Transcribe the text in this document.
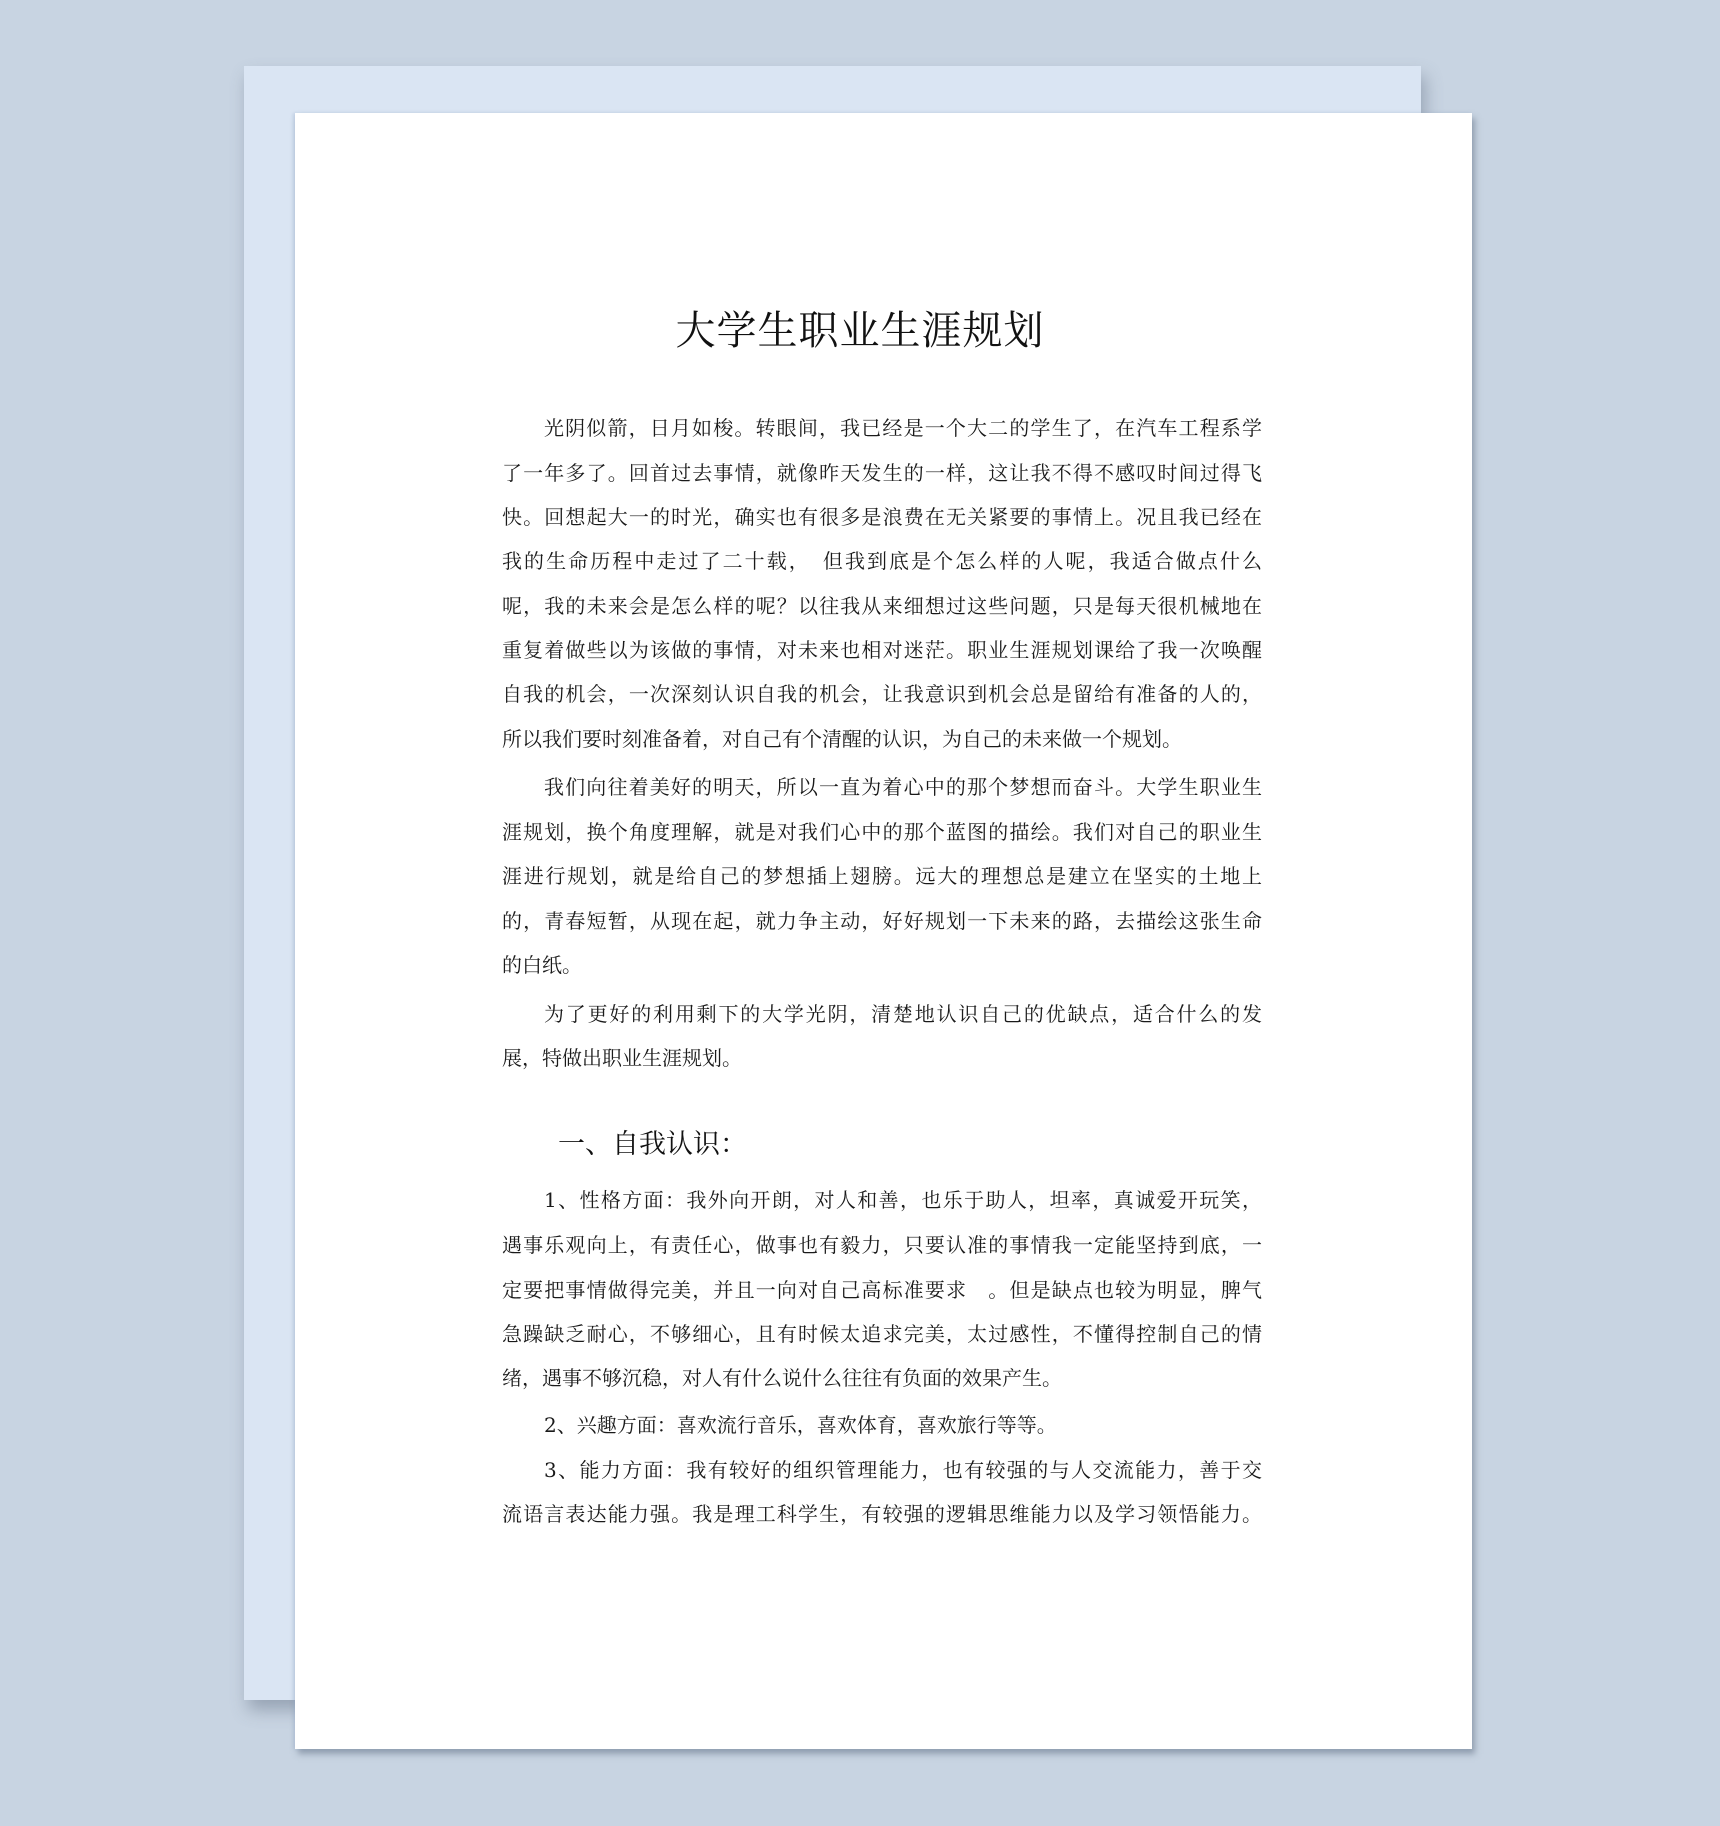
大学生职业生涯规划
光阴似箭，日月如梭。转眼间，我已经是一个大二的学生了，在汽车工程系学
了一年多了。回首过去事情，就像昨天发生的一样，这让我不得不感叹时间过得飞
快。回想起大一的时光，确实也有很多是浪费在无关紧要的事情上。况且我已经在
我的生命历程中走过了二十载，　但我到底是个怎么样的人呢，我适合做点什么
呢，我的未来会是怎么样的呢？以往我从来细想过这些问题，只是每天很机械地在
重复着做些以为该做的事情，对未来也相对迷茫。职业生涯规划课给了我一次唤醒
自我的机会，一次深刻认识自我的机会，让我意识到机会总是留给有准备的人的，
所以我们要时刻准备着，对自己有个清醒的认识，为自己的未来做一个规划。
我们向往着美好的明天，所以一直为着心中的那个梦想而奋斗。大学生职业生
涯规划，换个角度理解，就是对我们心中的那个蓝图的描绘。我们对自己的职业生
涯进行规划，就是给自己的梦想插上翅膀。远大的理想总是建立在坚实的土地上
的，青春短暂，从现在起，就力争主动，好好规划一下未来的路，去描绘这张生命
的白纸。
为了更好的利用剩下的大学光阴，清楚地认识自己的优缺点，适合什么的发
展，特做出职业生涯规划。
一、自我认识：
1、性格方面：我外向开朗，对人和善，也乐于助人，坦率，真诚爱开玩笑，
遇事乐观向上，有责任心，做事也有毅力，只要认准的事情我一定能坚持到底，一
定要把事情做得完美，并且一向对自己高标准要求　。但是缺点也较为明显，脾气
急躁缺乏耐心，不够细心，且有时候太追求完美，太过感性，不懂得控制自己的情
绪，遇事不够沉稳，对人有什么说什么往往有负面的效果产生。
2、兴趣方面：喜欢流行音乐，喜欢体育，喜欢旅行等等。
3、能力方面：我有较好的组织管理能力，也有较强的与人交流能力，善于交
流语言表达能力强。我是理工科学生，有较强的逻辑思维能力以及学习领悟能力。
